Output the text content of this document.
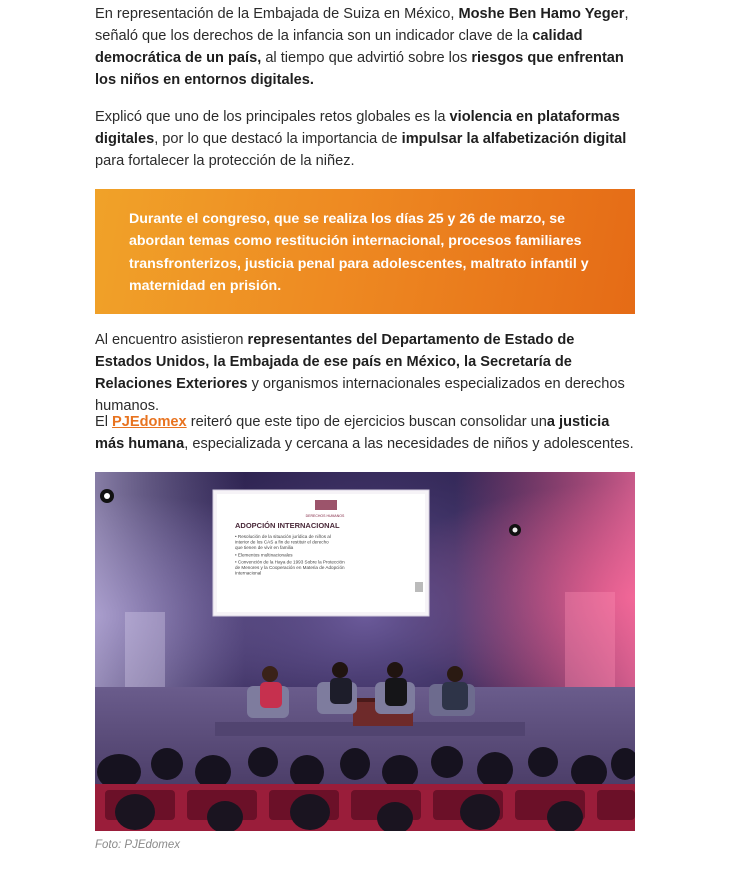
En representación de la Embajada de Suiza en México, Moshe Ben Hamo Yeger, señaló que los derechos de la infancia son un indicador clave de la calidad democrática de un país, al tiempo que advirtió sobre los riesgos que enfrentan los niños en entornos digitales.

Explicó que uno de los principales retos globales es la violencia en plataformas digitales, por lo que destacó la importancia de impulsar la alfabetización digital para fortalecer la protección de la niñez.

Durante el congreso, que se realiza los días 25 y 26 de marzo, se abordan temas como restitución internacional, procesos familiares transfronterizos, justicia penal para adolescentes, maltrato infantil y maternidad en prisión.

Al encuentro asistieron representantes del Departamento de Estado de Estados Unidos, la Embajada de ese país en México, la Secretaría de Relaciones Exteriores y organismos internacionales especializados en derechos humanos.

El PJEdomex reiteró que este tipo de ejercicios buscan consolidar una justicia más humana, especializada y cercana a las necesidades de niños y adolescentes.

DERECHOS HUMANOS
ADOPCIÓN INTERNACIONAL
• Resolución de la situación jurídica de niños al
interior de los CAS a fin de restituir el derecho
que tienen de vivir en familia
• Elementos multinacionales
• Convención de la Haya de 1993 Sobre la Protección
de Menores y la Cooperación en Materia de Adopción
Internacional
Foto: PJEdomex
